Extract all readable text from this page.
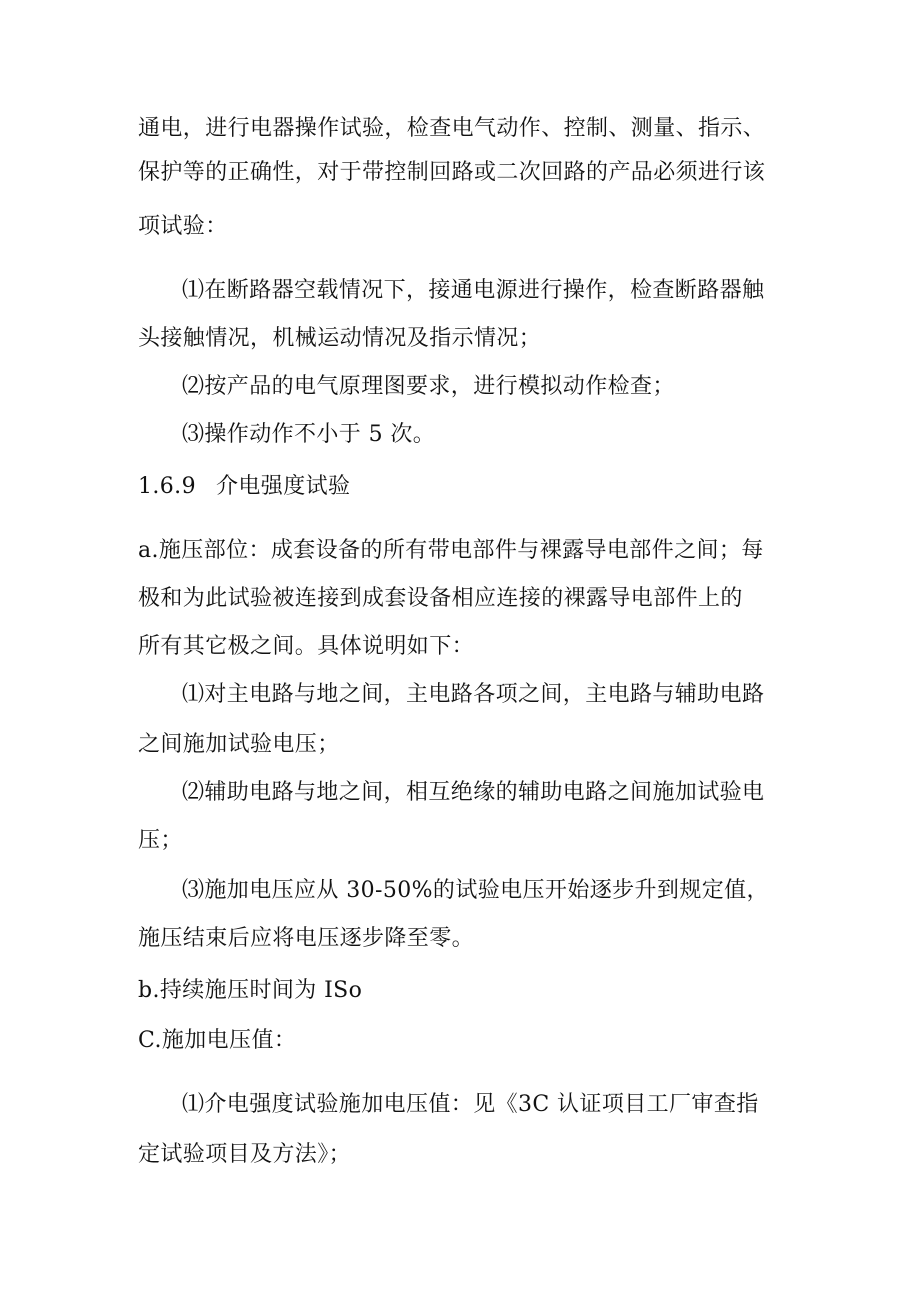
通电，进行电器操作试验，检查电气动作、控制、测量、指示、

保护等的正确性，对于带控制回路或二次回路的产品必须进行该

项试验：

⑴在断路器空载情况下，接通电源进行操作，检查断路器触

头接触情况，机械运动情况及指示情况；

⑵按产品的电气原理图要求，进行模拟动作检查；

⑶操作动作不小于 5 次。

1.6.9 介电强度试验

a.施压部位：成套设备的所有带电部件与裸露导电部件之间；每

极和为此试验被连接到成套设备相应连接的裸露导电部件上的

所有其它极之间。具体说明如下：

⑴对主电路与地之间，主电路各项之间，主电路与辅助电路

之间施加试验电压；

⑵辅助电路与地之间，相互绝缘的辅助电路之间施加试验电

压；

⑶施加电压应从 30-50%的试验电压开始逐步升到规定值，

施压结束后应将电压逐步降至零。

b.持续施压时间为 ISo

C.施加电压值：

⑴介电强度试验施加电压值：见《3C 认证项目工厂审查指

定试验项目及方法》；
